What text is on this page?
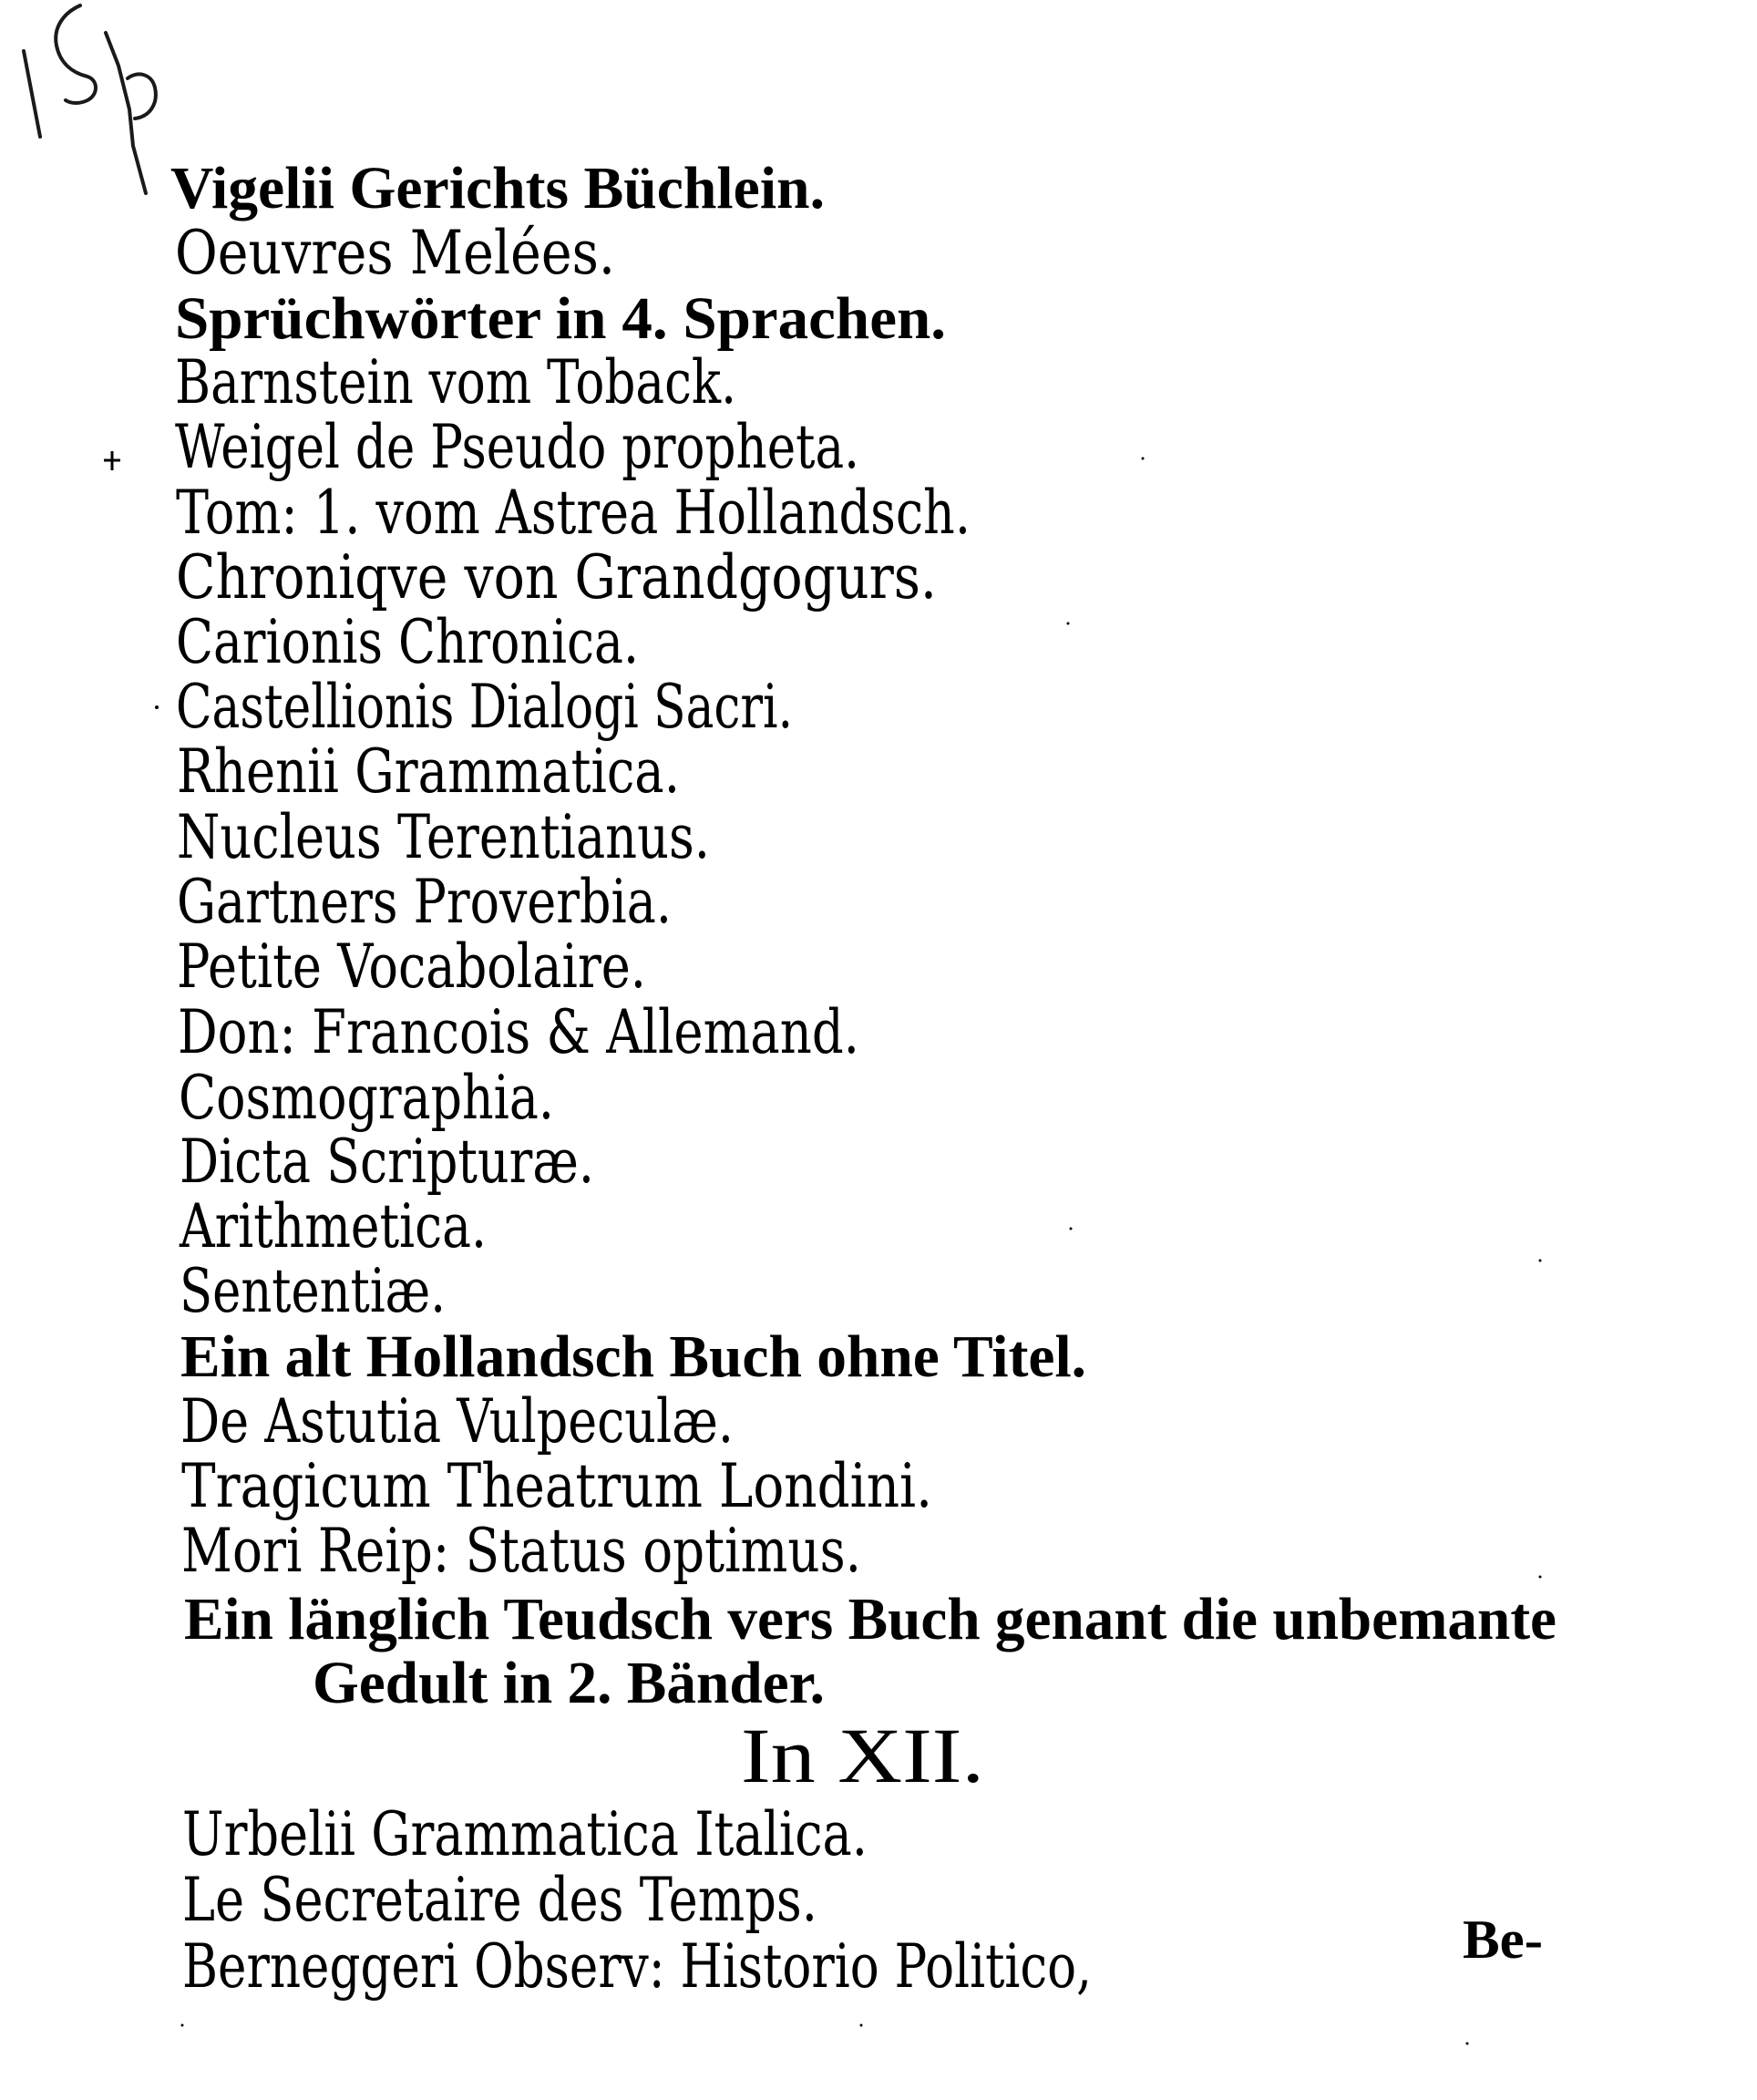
Vigelii Gerichts Büchlein.
Oeuvres Melées.
Sprüchwörter in 4. Sprachen.
Barnstein vom Toback.
Weigel de Pseudo propheta.
Tom: 1. vom Astrea Hollandsch.
Chroniqve von Grandgogurs.
Carionis Chronica.
Castellionis Dialogi Sacri.
Rhenii Grammatica.
Nucleus Terentianus.
Gartners Proverbia.
Petite Vocabolaire.
Don: Francois & Allemand.
Cosmographia.
Dicta Scripturæ.
Arithmetica.
Sententiæ.
Ein alt Hollandsch Buch ohne Titel.
De Astutia Vulpeculæ.
Tragicum Theatrum Londini.
Mori Reip: Status optimus.
Ein länglich Teudsch vers Buch genant die unbemante
Gedult in 2. Bänder.
In XII.
Urbelii Grammatica Italica.
Le Secretaire des Temps.
Berneggeri Observ: Historio Politico,	Be-
